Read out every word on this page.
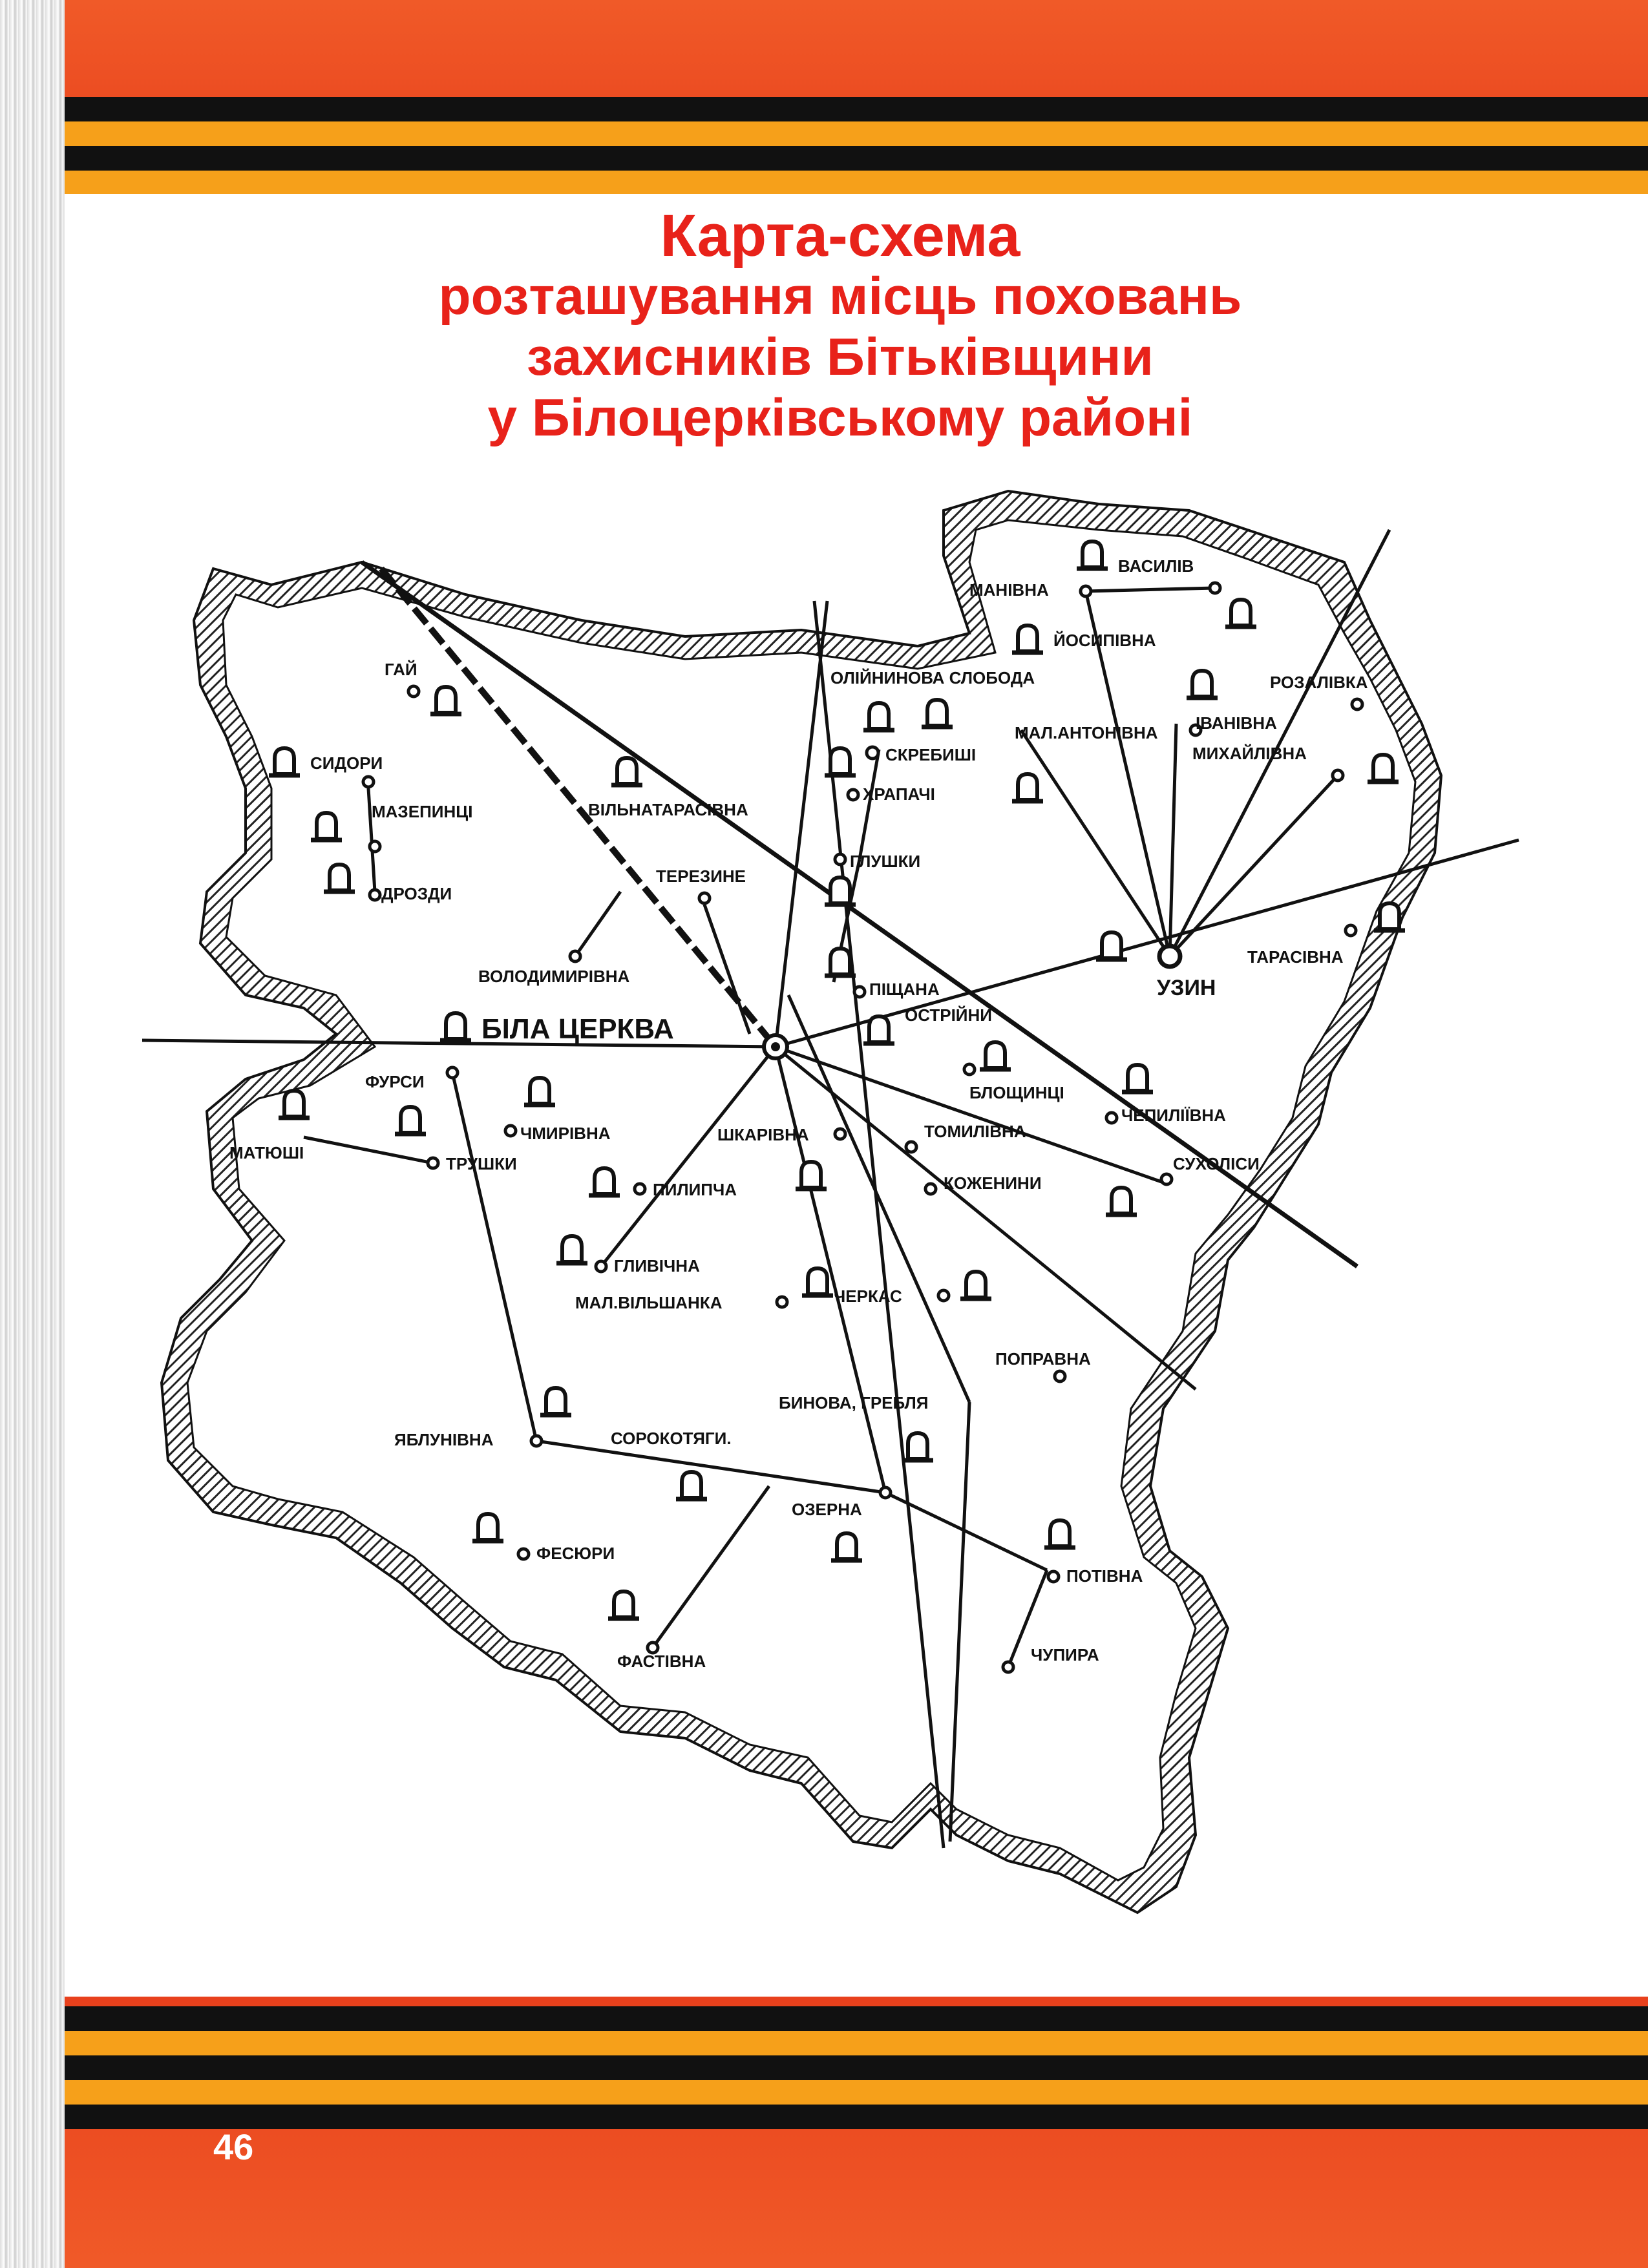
Карта-схема
розташування місць поховань
захисників Бітьківщини
у Білоцерківському районі
МАНІВНА
ВАСИЛІВ
ЙОСИПІВНА
ОЛІЙНИНОВА СЛОБОДА	РОЗАЛІВКА
ІВАНІВНА
МАЛ.АНТОНІВНА
МИХАЙЛІВНА
СКРЕБИШІ
ХРАПАЧІ
ГЛУШКИ
ПІЩАНА
ТАРАСІВНА
УЗИН
ГАЙ
СИДОРИ
МАЗЕПИНЦІ
ДРОЗДИ
ВІЛЬНАТАРАСІВНА
ТЕРЕЗИНЕ
ВОЛОДИМИРІВНА
ОСТРІЙНИ
БЛОЩИНЦІ
ЧЕПИЛІЇВНА
БІЛА ЦЕРКВА
ФУРСИ
ЧМИРІВНА
МАТЮШІ
ТРУШКИ
ШКАРІВНА	ТОМИЛІВНА
СУХОЛІСИ
ПИЛИПЧА	КОЖЕНИНИ
ГЛИВІЧНА
МАЛ.ВІЛЬШАНКА	ЧЕРКАС
ПОПРАВНА
ЯБЛУНІВНА	СОРОКОТЯГИ.
БИНОВА, ГРЕБЛЯ
ОЗЕРНА
ФЕСЮРИ
ПОТІВНА
ФАСТІВНА	ЧУПИРА
46
